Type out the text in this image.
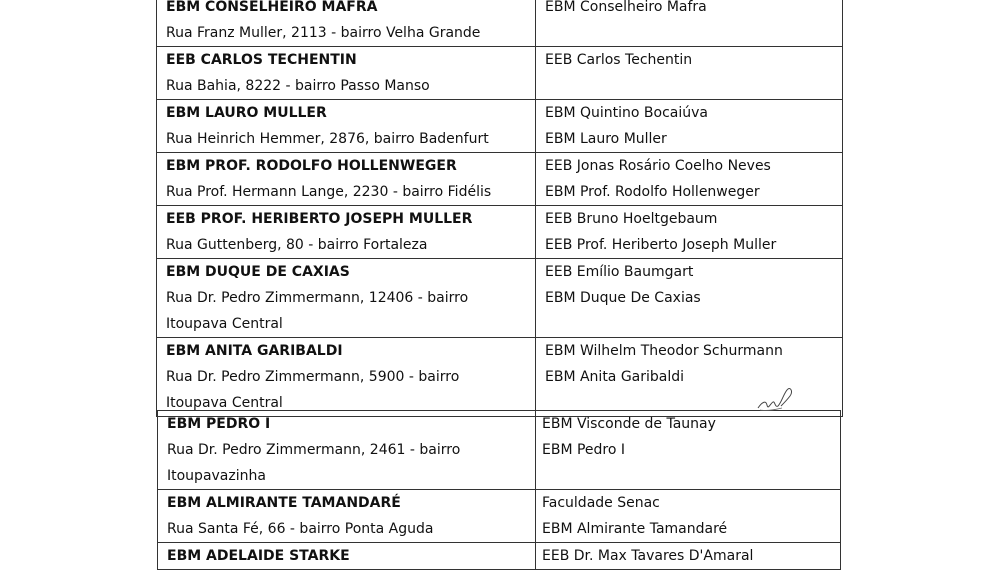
EBM CONSELHEIRO MAFRA
Rua Franz Muller, 2113 - bairro Velha Grande	EBM Conselheiro Mafra

EEB CARLOS TECHENTIN
Rua Bahia, 8222 - bairro Passo Manso	EEB Carlos Techentin

EBM LAURO MULLER
Rua Heinrich Hemmer, 2876, bairro Badenfurt	EBM Quintino Bocaiúva
EBM Lauro Muller

EBM PROF. RODOLFO HOLLENWEGER
Rua Prof. Hermann Lange, 2230 - bairro Fidélis	EEB Jonas Rosário Coelho Neves
EBM Prof. Rodolfo Hollenweger

EEB PROF. HERIBERTO JOSEPH MULLER
Rua Guttenberg, 80 - bairro Fortaleza	EEB Bruno Hoeltgebaum
EEB Prof. Heriberto Joseph Muller

EBM DUQUE DE CAXIAS
Rua Dr. Pedro Zimmermann, 12406 - bairro
Itoupava Central	EEB Emílio Baumgart
EBM Duque De Caxias

EBM ANITA GARIBALDI
Rua Dr. Pedro Zimmermann, 5900 - bairro
Itoupava Central	EBM Wilhelm Theodor Schurmann
EBM Anita Garibaldi
EBM PEDRO I
Rua Dr. Pedro Zimmermann, 2461 - bairro
Itoupavazinha	EBM Visconde de Taunay
EBM Pedro I

EBM ALMIRANTE TAMANDARÉ
Rua Santa Fé, 66 - bairro Ponta Aguda	Faculdade Senac
EBM Almirante Tamandaré

EBM ADELAIDE STARKE	EEB Dr. Max Tavares D'Amaral
